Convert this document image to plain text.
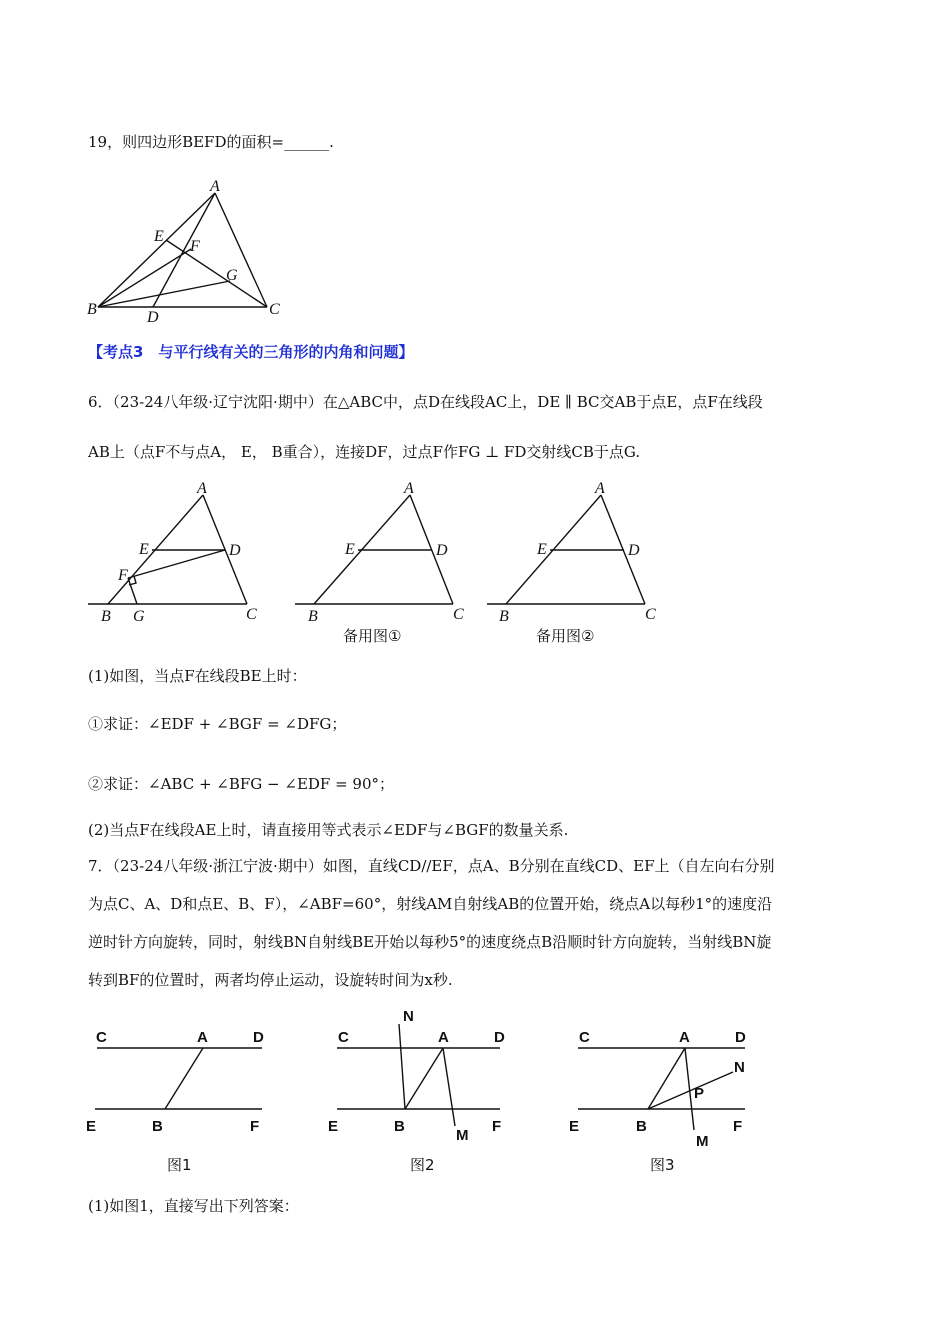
19，则四边形BEFD的面积=______.
A
B	C
D
E
F
G
A
B	C
D
E
F
G
A
B	C
D
E
备用图①
A
B	C
D
E
备用图②
C	A	D
E	B	F
图1
C	A	D
N
E	B
M
F
图2
C	A	D
N
P
E	B
M
F
图3
【考点3　与平行线有关的三角形的内角和问题】
6．（23-24八年级·辽宁沈阳·期中）在△ABC中，点D在线段AC上，DE ∥ BC交AB于点E，点F在线段
AB上（点F不与点A， E， B重合），连接DF，过点F作FG ⊥ FD交射线CB于点G.
(1)如图，当点F在线段BE上时：
①求证：∠EDF + ∠BGF = ∠DFG；
②求证：∠ABC + ∠BFG − ∠EDF = 90°；
(2)当点F在线段AE上时，请直接用等式表示∠EDF与∠BGF的数量关系.
7．（23-24八年级·浙江宁波·期中）如图，直线CD//EF，点A、B分别在直线CD、EF上（自左向右分别
为点C、A、D和点E、B、F），∠ABF=60°，射线AM自射线AB的位置开始，绕点A以每秒1°的速度沿
逆时针方向旋转，同时，射线BN自射线BE开始以每秒5°的速度绕点B沿顺时针方向旋转，当射线BN旋
转到BF的位置时，两者均停止运动，设旋转时间为x秒.
(1)如图1，直接写出下列答案：
